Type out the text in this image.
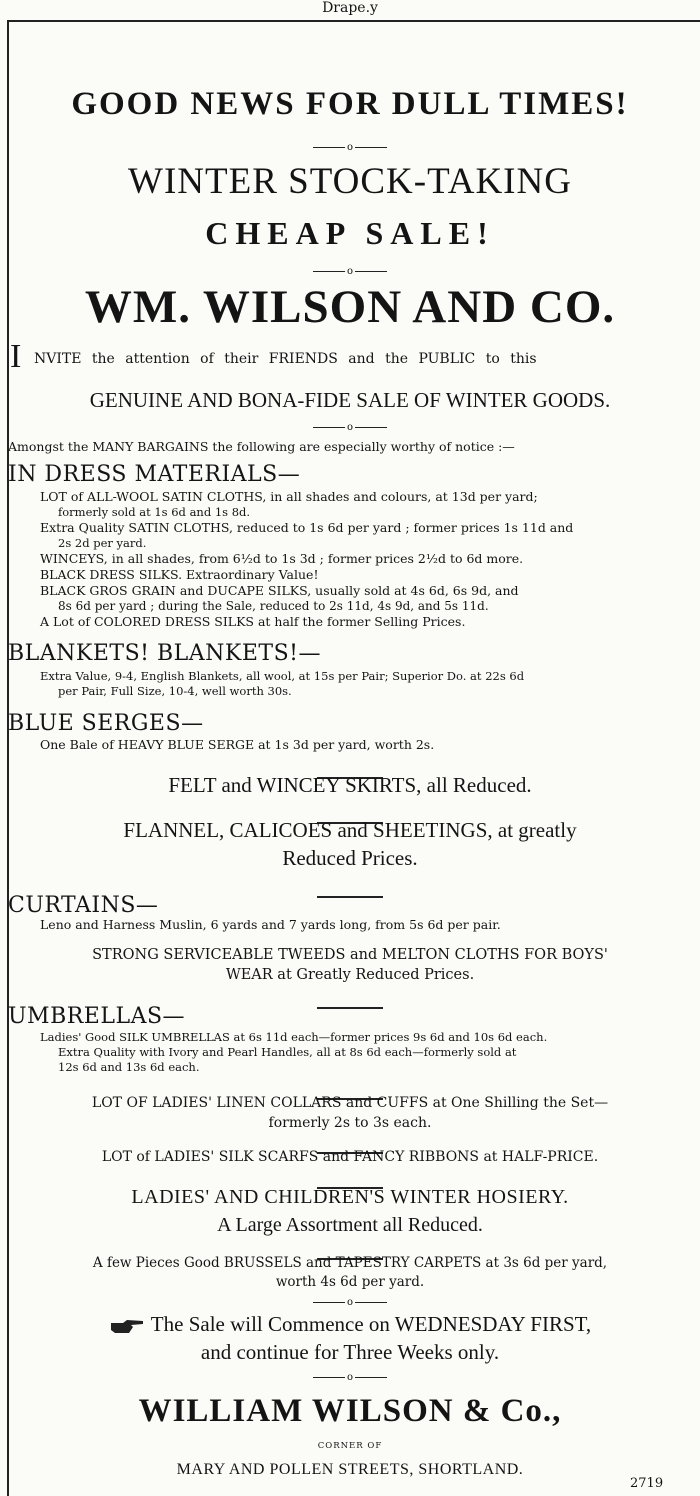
Drape.y
GOOD NEWS FOR DULL TIMES!
o
WINTER STOCK-TAKING
CHEAP SALE!
o
WM. WILSON AND CO.
I NVITE the attention of their FRIENDS and the PUBLIC to this
GENUINE AND BONA-FIDE SALE OF WINTER GOODS.
o
Amongst the MANY BARGAINS the following are especially worthy of notice :—
IN DRESS MATERIALS—
LOT of ALL-WOOL SATIN CLOTHS, in all shades and colours, at 13d per yard;
formerly sold at 1s 6d and 1s 8d.
Extra Quality SATIN CLOTHS, reduced to 1s 6d per yard ; former prices 1s 11d and
2s 2d per yard.
WINCEYS, in all shades, from 6½d to 1s 3d ; former prices 2½d to 6d more.
BLACK DRESS SILKS. Extraordinary Value!
BLACK GROS GRAIN and DUCAPE SILKS, usually sold at 4s 6d, 6s 9d, and
8s 6d per yard ; during the Sale, reduced to 2s 11d, 4s 9d, and 5s 11d.
A Lot of COLORED DRESS SILKS at half the former Selling Prices.
BLANKETS! BLANKETS!—
Extra Value, 9-4, English Blankets, all wool, at 15s per Pair; Superior Do. at 22s 6d
per Pair, Full Size, 10-4, well worth 30s.
BLUE SERGES—
One Bale of HEAVY BLUE SERGE at 1s 3d per yard, worth 2s.
FELT and WINCEY SKIRTS, all Reduced.
FLANNEL, CALICOES and SHEETINGS, at greatly
Reduced Prices.
CURTAINS—
Leno and Harness Muslin, 6 yards and 7 yards long, from 5s 6d per pair.
STRONG SERVICEABLE TWEEDS and MELTON CLOTHS FOR BOYS'
WEAR at Greatly Reduced Prices.
UMBRELLAS—
Ladies' Good SILK UMBRELLAS at 6s 11d each—former prices 9s 6d and 10s 6d each.
Extra Quality with Ivory and Pearl Handles, all at 8s 6d each—formerly sold at
12s 6d and 13s 6d each.
LOT OF LADIES' LINEN COLLARS and CUFFS at One Shilling the Set—
formerly 2s to 3s each.
LOT of LADIES' SILK SCARFS and FANCY RIBBONS at HALF-PRICE.
LADIES' AND CHILDREN'S WINTER HOSIERY.
A Large Assortment all Reduced.
A few Pieces Good BRUSSELS and TAPESTRY CARPETS at 3s 6d per yard,
worth 4s 6d per yard.
o
The Sale will Commence on WEDNESDAY FIRST,
and continue for Three Weeks only.
o
WILLIAM WILSON & Co.,
CORNER OF
MARY AND POLLEN STREETS, SHORTLAND.
2719
